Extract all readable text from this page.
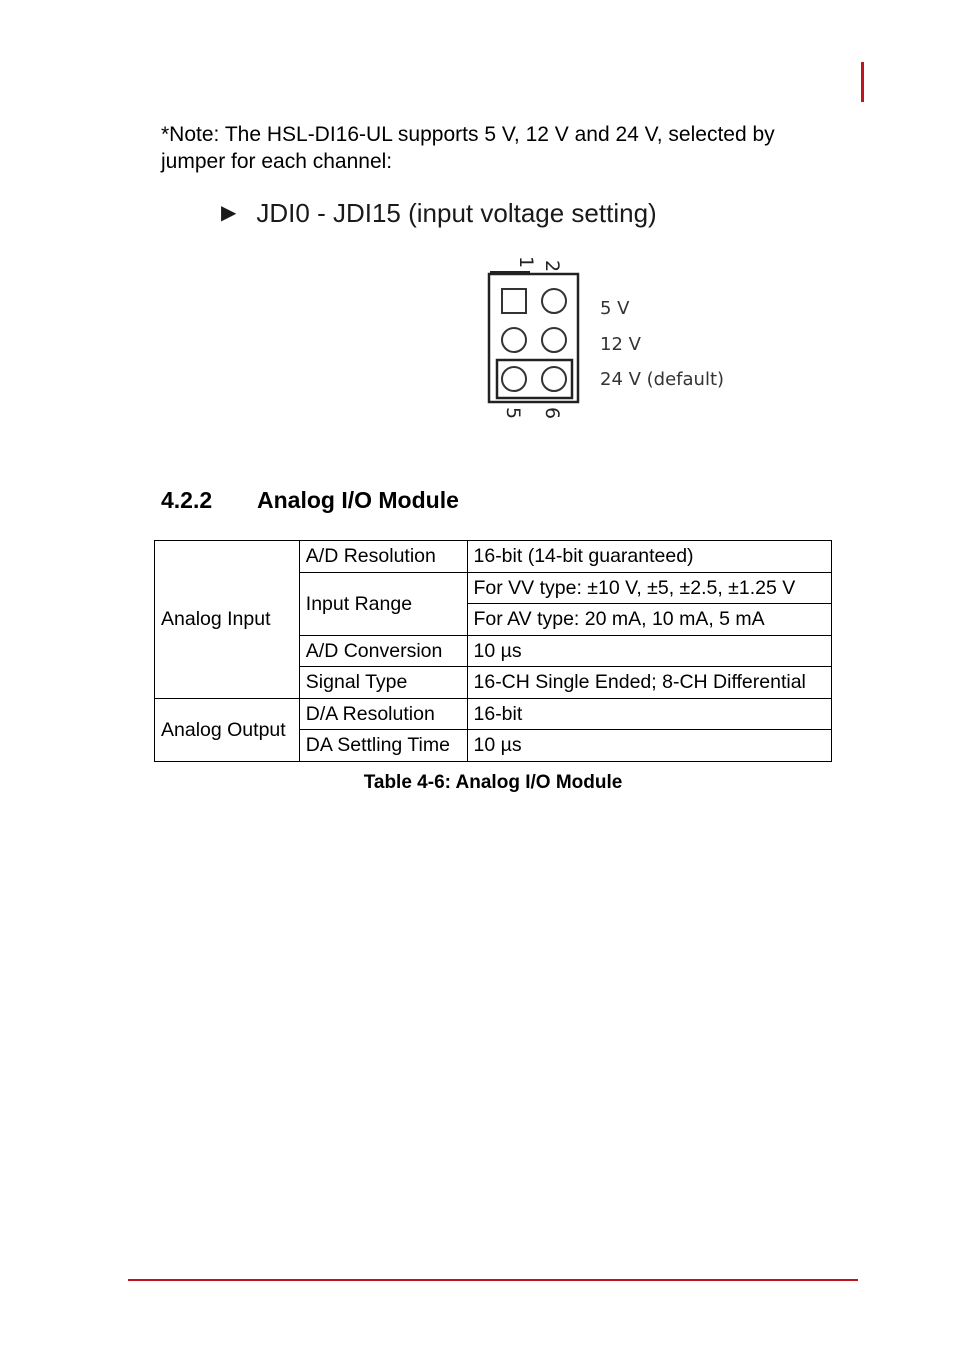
*Note: The HSL-DI16-UL supports 5 V, 12 V and 24 V, selected by jumper for each channel:

▶ JDI0 - JDI15 (input voltage setting)
1 2
5 6
5 V
12 V
24 V (default)
4.2.2	Analog I/O Module
Analog Input	A/D Resolution	16-bit (14-bit guaranteed)
	Input Range	For VV type: ±10 V, ±5, ±2.5, ±1.25 V
		For AV type: 20 mA, 10 mA, 5 mA
	A/D Conversion	10 µs
	Signal Type	16-CH Single Ended; 8-CH Differential
Analog Output	D/A Resolution	16-bit
	DA Settling Time	10 µs
Table 4-6: Analog I/O Module
